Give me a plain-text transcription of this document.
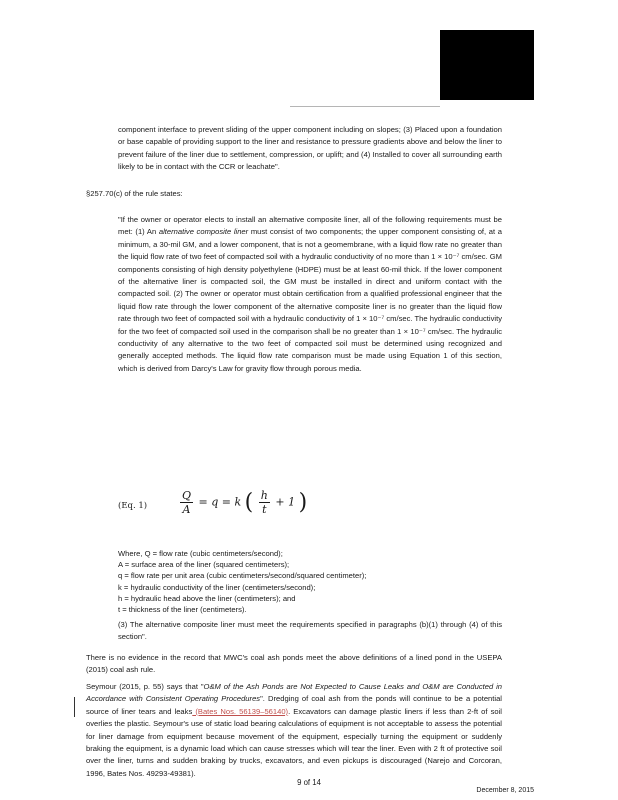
component interface to prevent sliding of the upper component including on slopes; (3) Placed upon a foundation or base capable of providing support to the liner and resistance to pressure gradients above and below the liner to prevent failure of the liner due to settlement, compression, or uplift; and (4) Installed to cover all surrounding earth likely to be in contact with the CCR or leachate".

§257.70(c) of the rule states:

"If the owner or operator elects to install an alternative composite liner, all of the following requirements must be met: (1) An alternative composite liner must consist of two components; the upper component consisting of, at a minimum, a 30-mil GM, and a lower component, that is not a geomembrane, with a liquid flow rate no greater than the liquid flow rate of two feet of compacted soil with a hydraulic conductivity of no more than 1 × 10⁻⁷ cm/sec. GM components consisting of high density polyethylene (HDPE) must be at least 60-mil thick. If the lower component of the alternative liner is compacted soil, the GM must be installed in direct and uniform contact with the compacted soil. (2) The owner or operator must obtain certification from a qualified professional engineer that the liquid flow rate through the lower component of the alternative composite liner is no greater than the liquid flow rate through two feet of compacted soil with a hydraulic conductivity of 1 × 10⁻⁷ cm/sec. The hydraulic conductivity for the two feet of compacted soil used in the comparison shall be no greater than 1 × 10⁻⁷ cm/sec. The hydraulic conductivity of any alternative to the two feet of compacted soil must be determined using recognized and generally accepted methods. The liquid flow rate comparison must be made using Equation 1 of this section, which is derived from Darcy's Law for gravity flow through porous media.

(Eq. 1)	$\frac{Q}{A} = q = k$ ( $\frac{h}{t} + 1$ )
Where, Q = flow rate (cubic centimeters/second);
A = surface area of the liner (squared centimeters);
q = flow rate per unit area (cubic centimeters/second/squared centimeter);
k = hydraulic conductivity of the liner (centimeters/second);
h = hydraulic head above the liner (centimeters); and
t = thickness of the liner (centimeters).

(3) The alternative composite liner must meet the requirements specified in paragraphs (b)(1) through (4) of this section".

There is no evidence in the record that MWC's coal ash ponds meet the above definitions of a lined pond in the USEPA (2015) coal ash rule.

Seymour (2015, p. 55) says that "O&M of the Ash Ponds are Not Expected to Cause Leaks and O&M are Conducted in Accordance with Consistent Operating Procedures". Dredging of coal ash from the ponds will continue to be a potential source of liner tears and leaks (Bates Nos. 56139–56140). Excavators can damage plastic liners if less than 2-ft of soil overlies the plastic. Seymour's use of static load bearing calculations of equipment is not acceptable to assess the potential for liner damage from equipment because movement of the equipment, especially turning the equipment or suddenly braking the equipment, is a dynamic load which can cause stresses which will tear the liner. Even with 2 ft of protective soil over the liner, turns and sudden braking by trucks, excavators, and even pickups is discouraged (Narejo and Corcoran, 1996, Bates Nos. 49293-49381).

9 of 14
December 8, 2015
